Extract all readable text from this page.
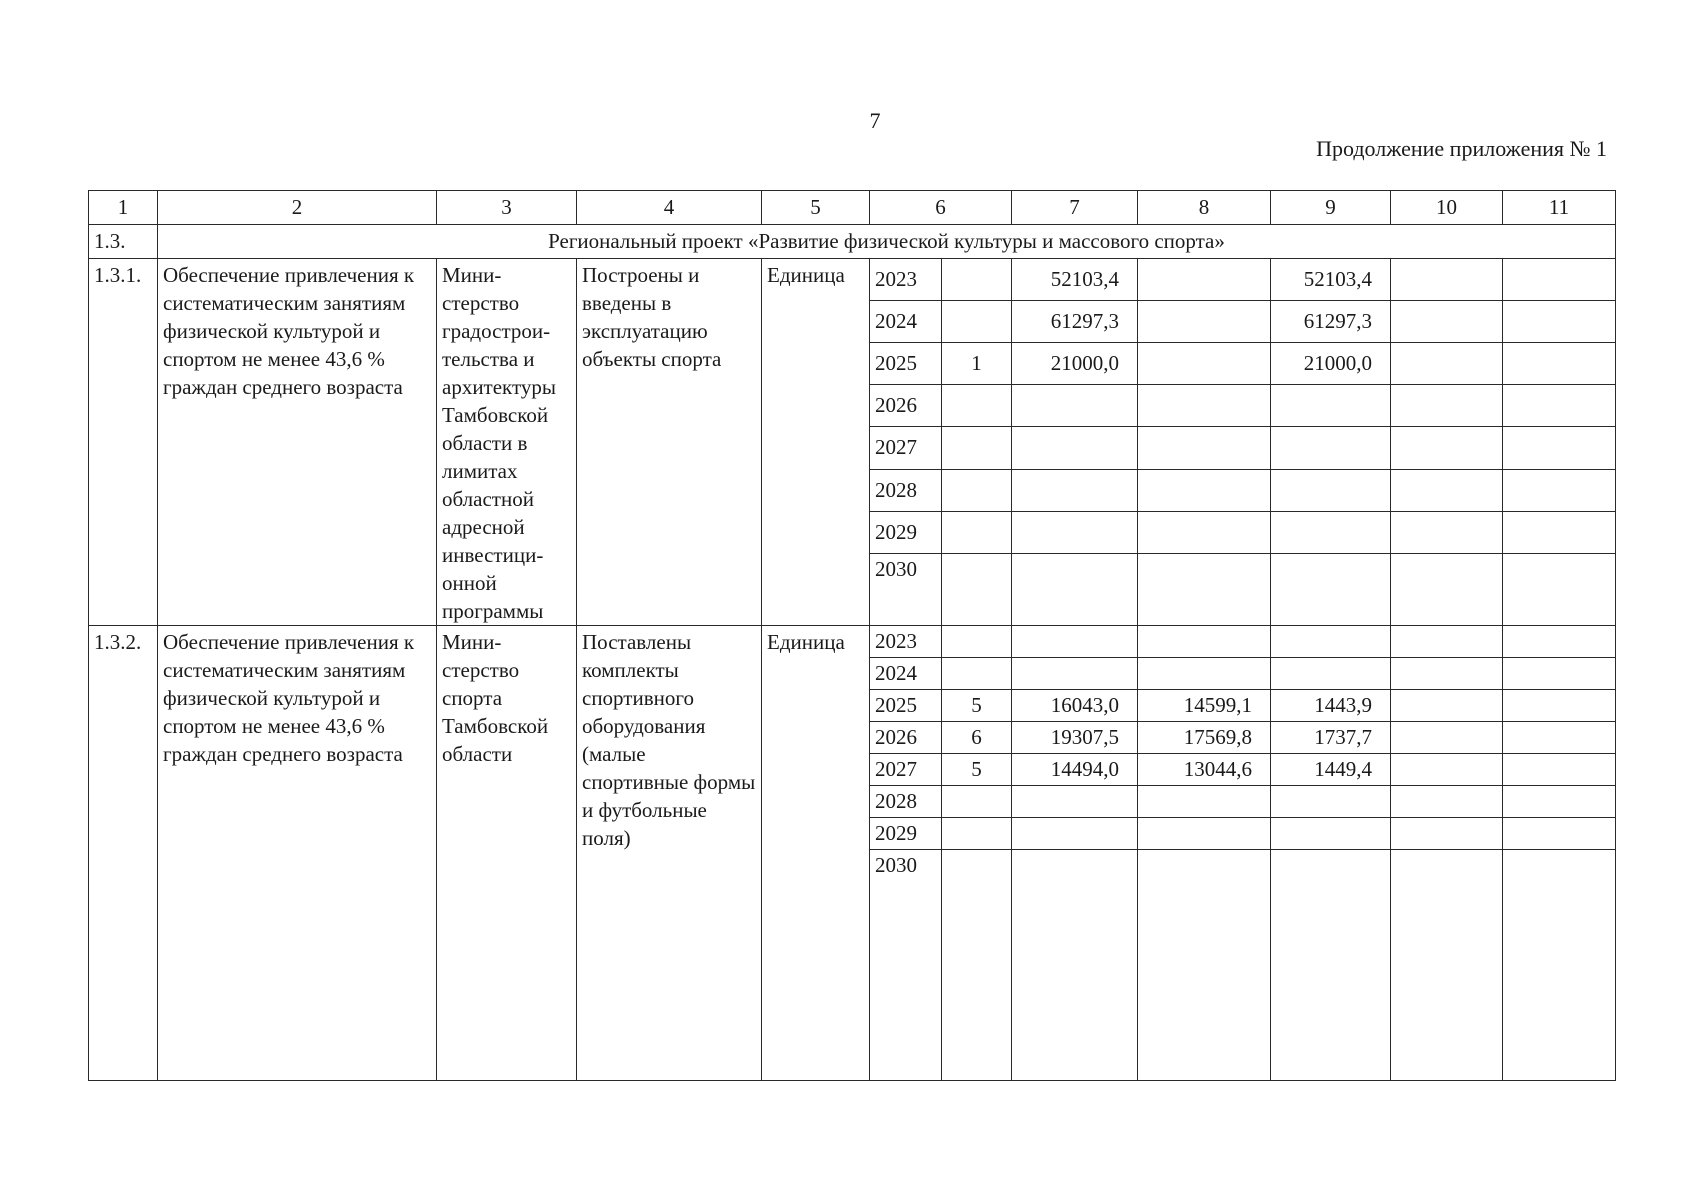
7
Продолжение приложения № 1
1	2	3	4	5	6		7	8	9	10	11
1.3.	Региональный проект «Развитие физической культуры и массового спорта»										
1.3.1.	Обеспечение привлечения к систематическим занятиям физической культурой и спортом не менее 43,6 % граждан среднего возраста	Мини-стерство градострои-тельства и архитектуры Тамбовской области в лимитах областной адресной инвестици-онной программы	Построены и введены в эксплуатацию объекты спорта	Единица	2023		52103,4		52103,4		
					2024		61297,3		61297,3		
					2025	1	21000,0		21000,0		
					2026						
					2027						
					2028						
					2029						
					2030						
1.3.2.	Обеспечение привлечения к систематическим занятиям физической культурой и спортом не менее 43,6 % граждан среднего возраста	Мини-стерство спорта Тамбовской области	Поставлены комплекты спортивного оборудования (малые спортивные формы и футбольные поля)	Единица	2023						
					2024						
					2025	5	16043,0	14599,1	1443,9		
					2026	6	19307,5	17569,8	1737,7		
					2027	5	14494,0	13044,6	1449,4		
					2028						
					2029						
					2030						
